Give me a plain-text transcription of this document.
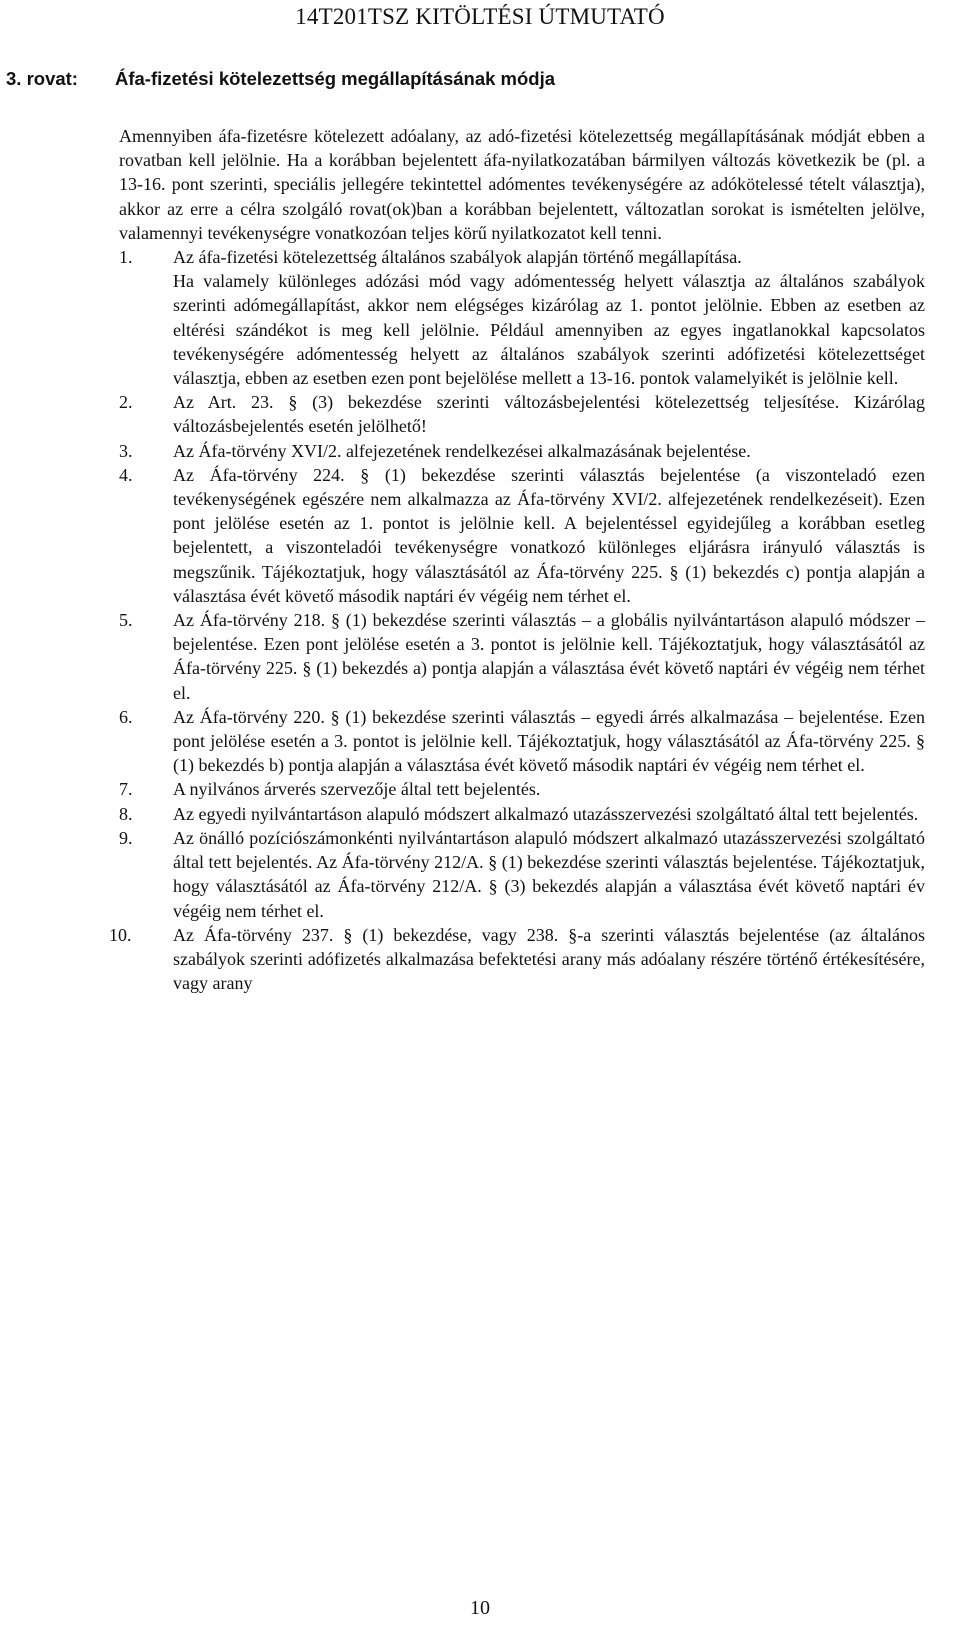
14T201TSZ KITÖLTÉSI ÚTMUTATÓ
3. rovat: Áfa-fizetési kötelezettség megállapításának módja

Amennyiben áfa-fizetésre kötelezett adóalany, az adó-fizetési kötelezettség megállapításának módját ebben a rovatban kell jelölnie. Ha a korábban bejelentett áfa-nyilatkozatában bármilyen változás következik be (pl. a 13-16. pont szerinti, speciális jellegére tekintettel adómentes tevékenységére az adókötelessé tételt választja), akkor az erre a célra szolgáló rovat(ok)ban a korábban bejelentett, változatlan sorokat is ismételten jelölve, valamennyi tevékenységre vonatkozóan teljes körű nyilatkozatot kell tenni.

1. Az áfa-fizetési kötelezettség általános szabályok alapján történő megállapítása.

Ha valamely különleges adózási mód vagy adómentesség helyett választja az általános szabályok szerinti adómegállapítást, akkor nem elégséges kizárólag az 1. pontot jelölnie. Ebben az esetben az eltérési szándékot is meg kell jelölnie. Például amennyiben az egyes ingatlanokkal kapcsolatos tevékenységére adómentesség helyett az általános szabályok szerinti adófizetési kötelezettséget választja, ebben az esetben ezen pont bejelölése mellett a 13-16. pontok valamelyikét is jelölnie kell.

2. Az Art. 23. § (3) bekezdése szerinti változásbejelentési kötelezettség teljesítése. Kizárólag változásbejelentés esetén jelölhető!
3. Az Áfa-törvény XVI/2. alfejezetének rendelkezései alkalmazásának bejelentése.
4. Az Áfa-törvény 224. § (1) bekezdése szerinti választás bejelentése (a viszonteladó ezen tevékenységének egészére nem alkalmazza az Áfa-törvény XVI/2. alfejezetének rendelkezéseit). Ezen pont jelölése esetén az 1. pontot is jelölnie kell. A bejelentéssel egyidejűleg a korábban esetleg bejelentett, a viszonteladói tevékenységre vonatkozó különleges eljárásra irányuló választás is megszűnik. Tájékoztatjuk, hogy választásától az Áfa-törvény 225. § (1) bekezdés c) pontja alapján a választása évét követő második naptári év végéig nem térhet el.
5. Az Áfa-törvény 218. § (1) bekezdése szerinti választás – a globális nyilvántartáson alapuló módszer – bejelentése. Ezen pont jelölése esetén a 3. pontot is jelölnie kell. Tájékoztatjuk, hogy választásától az Áfa-törvény 225. § (1) bekezdés a) pontja alapján a választása évét követő naptári év végéig nem térhet el.
6. Az Áfa-törvény 220. § (1) bekezdése szerinti választás – egyedi árrés alkalmazása – bejelentése. Ezen pont jelölése esetén a 3. pontot is jelölnie kell. Tájékoztatjuk, hogy választásától az Áfa-törvény 225. § (1) bekezdés b) pontja alapján a választása évét követő második naptári év végéig nem térhet el.
7. A nyilvános árverés szervezője által tett bejelentés.
8. Az egyedi nyilvántartáson alapuló módszert alkalmazó utazásszervezési szolgáltató által tett bejelentés.
9. Az önálló pozíciószámonkénti nyilvántartáson alapuló módszert alkalmazó utazásszervezési szolgáltató által tett bejelentés. Az Áfa-törvény 212/A. § (1) bekezdése szerinti választás bejelentése. Tájékoztatjuk, hogy választásától az Áfa-törvény 212/A. § (3) bekezdés alapján a választása évét követő naptári év végéig nem térhet el.
10. Az Áfa-törvény 237. § (1) bekezdése, vagy 238. §-a szerinti választás bejelentése (az általános szabályok szerinti adófizetés alkalmazása befektetési arany más adóalany részére történő értékesítésére, vagy arany
10
